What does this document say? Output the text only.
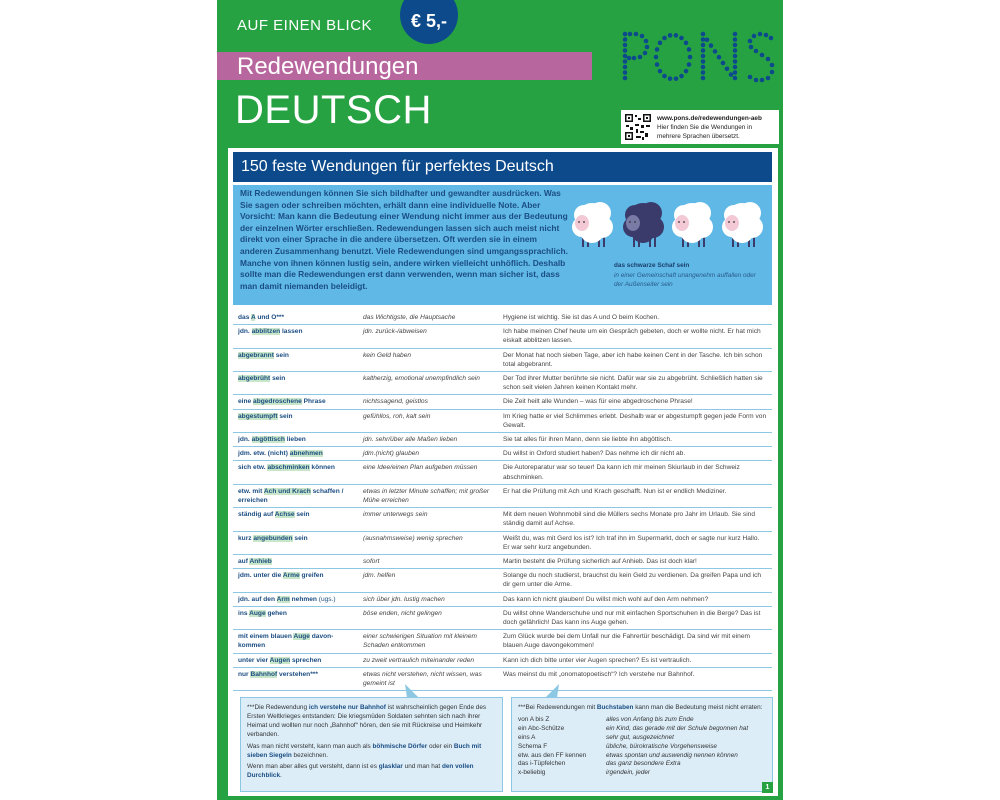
AUF EINEN BLICK	€ 5,-
Redewendungen
DEUTSCH	www.pons.de/redewendungen-aeb
Hier finden Sie die Wendungen in
mehrere Sprachen übersetzt.
150 feste Wendungen für perfektes Deutsch
Mit Redewendungen können Sie sich bildhafter und gewandter ausdrücken. Was Sie sagen oder schreiben möchten, erhält dann eine individuelle Note. Aber Vorsicht: Man kann die Bedeutung einer Wendung nicht immer aus der Bedeutung der einzelnen Wörter erschließen. Redewendungen lassen sich auch meist nicht direkt von einer Sprache in die andere übersetzen. Oft werden sie in einem anderen Zusammenhang benutzt. Viele Redewendungen sind umgangssprachlich. Manche von ihnen können lustig sein, andere wirken vielleicht unhöflich. Deshalb sollte man die Redewendungen erst dann verwenden, wenn man sicher ist, dass man damit niemanden beleidigt.
das schwarze Schaf sein
in einer Gemeinschaft unangenehm auffallen oder der Außenseiter sein
das A und O***	das Wichtigste, die Hauptsache	Hygiene ist wichtig. Sie ist das A und O beim Kochen.
jdn. abblitzen lassen	jdn. zurück-/abweisen	Ich habe meinen Chef heute um ein Gespräch gebeten, doch er wollte nicht. Er hat mich eiskalt abblitzen lassen.
abgebrannt sein	kein Geld haben	Der Monat hat noch sieben Tage, aber ich habe keinen Cent in der Tasche. Ich bin schon total abgebrannt.
abgebrüht sein	kaltherzig, emotional unempfindlich sein	Der Tod ihrer Mutter berührte sie nicht. Dafür war sie zu abgebrüht. Schließlich hatten sie schon seit vielen Jahren keinen Kontakt mehr.
eine abgedroschene Phrase	nichtssagend, geistlos	Die Zeit heilt alle Wunden – was für eine abgedroschene Phrase!
abgestumpft sein	gefühllos, roh, kalt sein	Im Krieg hatte er viel Schlimmes erlebt. Deshalb war er abgestumpft gegen jede Form von Gewalt.
jdn. abgöttisch lieben	jdn. sehr/über alle Maßen lieben	Sie tat alles für ihren Mann, denn sie liebte ihn abgöttisch.
jdm. etw. (nicht) abnehmen	jdm.(nicht) glauben	Du willst in Oxford studiert haben? Das nehme ich dir nicht ab.
sich etw. abschminken können	eine Idee/einen Plan aufgeben müssen	Die Autoreparatur war so teuer! Da kann ich mir meinen Skiurlaub in der Schweiz abschminken.
etw. mit Ach und Krach schaffen / erreichen	etwas in letzter Minute schaffen; mit großer Mühe erreichen	Er hat die Prüfung mit Ach und Krach geschafft. Nun ist er endlich Mediziner.
ständig auf Achse sein	immer unterwegs sein	Mit dem neuen Wohnmobil sind die Müllers sechs Monate pro Jahr im Urlaub. Sie sind ständig damit auf Achse.
kurz angebunden sein	(ausnahmsweise) wenig sprechen	Weißt du, was mit Gerd los ist? Ich traf ihn im Supermarkt, doch er sagte nur kurz Hallo. Er war sehr kurz angebunden.
auf Anhieb	sofort	Martin besteht die Prüfung sicherlich auf Anhieb. Das ist doch klar!
jdm. unter die Arme greifen	jdm. helfen	Solange du noch studierst, brauchst du kein Geld zu verdienen. Da greifen Papa und ich dir gern unter die Arme.
jdn. auf den Arm nehmen (ugs.)	sich über jdn. lustig machen	Das kann ich nicht glauben! Du willst mich wohl auf den Arm nehmen?
ins Auge gehen	böse enden, nicht gelingen	Du willst ohne Wanderschuhe und nur mit einfachen Sportschuhen in die Berge? Das ist doch gefährlich! Das kann ins Auge gehen.
mit einem blauen Auge davon-kommen	einer schwierigen Situation mit kleinem Schaden entkommen	Zum Glück wurde bei dem Unfall nur die Fahrertür beschädigt. Da sind wir mit einem blauen Auge davongekommen!
unter vier Augen sprechen	zu zweit vertraulich miteinander reden	Kann ich dich bitte unter vier Augen sprechen? Es ist vertraulich.
nur Bahnhof verstehen***	etwas nicht verstehen, nicht wissen, was gemeint ist	Was meinst du mit „onomatopoetisch“? Ich verstehe nur Bahnhof.

***Die Redewendung ich verstehe nur Bahnhof ist wahrscheinlich gegen Ende des Ersten Weltkrieges entstanden: Die kriegsmüden Soldaten sehnten sich nach ihrer Heimat und wollten nur noch „Bahnhof“ hören, den sie mit Rückreise und Heimkehr verbanden.

Was man nicht versteht, kann man auch als böhmische Dörfer oder ein Buch mit sieben Siegeln bezeichnen.

Wenn man aber alles gut versteht, dann ist es glasklar und man hat den vollen Durchblick.

***Bei Redewendungen mit Buchstaben kann man die Bedeutung meist nicht erraten:

von A bis Z	alles von Anfang bis zum Ende
ein Abc-Schütze	ein Kind, das gerade mit der Schule begonnen hat
eins A	sehr gut, ausgezeichnet
Schema F	übliche, bürokratische Vorgehensweise
etw. aus den FF kennen	etwas spontan und auswendig nennen können
das i-Tüpfelchen	das ganz besondere Extra
x-beliebig	irgendein, jeder
1
